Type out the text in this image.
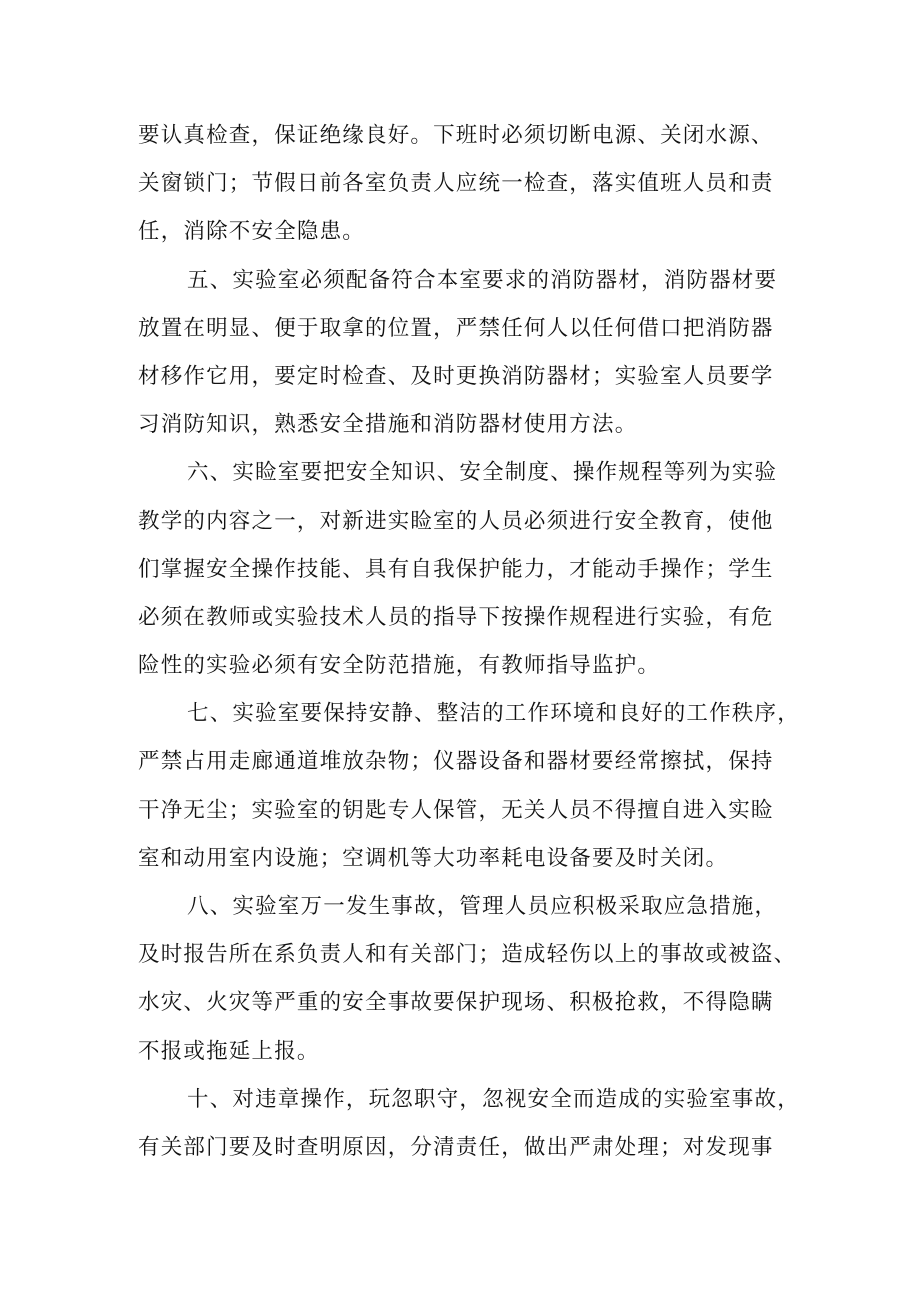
要认真检查，保证绝缘良好。下班时必须切断电源、关闭水源、
关窗锁门；节假日前各室负责人应统一检查，落实值班人员和责
任，消除不安全隐患。
五、实验室必须配备符合本室要求的消防器材，消防器材要
放置在明显、便于取拿的位置，严禁任何人以任何借口把消防器
材移作它用，要定时检查、及时更换消防器材；实验室人员要学
习消防知识，熟悉安全措施和消防器材使用方法。
六、实睑室要把安全知识、安全制度、操作规程等列为实验
教学的内容之一，对新进实睑室的人员必须进行安全教育，使他
们掌握安全操作技能、具有自我保护能力，才能动手操作；学生
必须在教师或实验技术人员的指导下按操作规程进行实验，有危
险性的实验必须有安全防范措施，有教师指导监护。
七、实验室要保持安静、整洁的工作环境和良好的工作秩序，
严禁占用走廊通道堆放杂物；仪器设备和器材要经常擦拭，保持
干净无尘；实验室的钥匙专人保管，无关人员不得擅自进入实睑
室和动用室内设施；空调机等大功率耗电设备要及时关闭。
八、实验室万一发生事故，管理人员应积极采取应急措施，
及时报告所在系负责人和有关部门；造成轻伤以上的事故或被盗、
水灾、火灾等严重的安全事故要保护现场、积极抢救，不得隐瞒
不报或拖延上报。
十、对违章操作，玩忽职守，忽视安全而造成的实验室事故，
有关部门要及时查明原因，分清责任，做出严肃处理；对发现事
